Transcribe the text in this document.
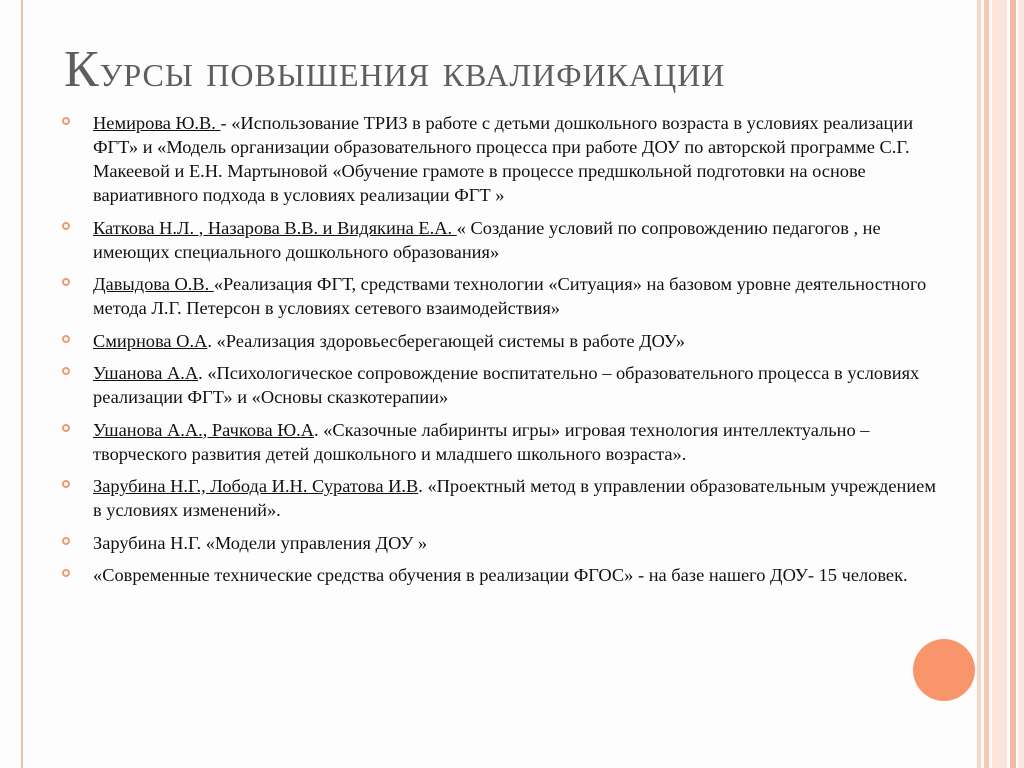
Курсы повышения квалификации
Немирова Ю.В. - «Использование ТРИЗ в работе с детьми дошкольного возраста в условиях реализации ФГТ» и «Модель организации образовательного процесса при работе ДОУ по авторской программе С.Г. Макеевой и Е.Н. Мартыновой «Обучение грамоте в процессе предшкольной подготовки на основе вариативного подхода в условиях реализации ФГТ »
Каткова Н.Л. , Назарова В.В. и Видякина Е.А. « Создание условий по сопровождению педагогов , не имеющих специального дошкольного образования»
Давыдова О.В. «Реализация ФГТ, средствами технологии «Ситуация» на базовом уровне деятельностного метода Л.Г. Петерсон в условиях сетевого взаимодействия»
Смирнова О.А. «Реализация здоровьесберегающей системы в работе ДОУ»
Ушанова А.А. «Психологическое сопровождение воспитательно – образовательного процесса в условиях реализации ФГТ» и «Основы сказкотерапии»
Ушанова А.А., Рачкова Ю.А. «Сказочные лабиринты игры» игровая технология интеллектуально – творческого развития детей дошкольного и младшего школьного возраста».
Зарубина Н.Г., Лобода И.Н. Суратова И.В. «Проектный метод в управлении образовательным учреждением в условиях изменений».
Зарубина Н.Г. «Модели управления ДОУ »
«Современные технические средства обучения в реализации ФГОС» - на базе нашего ДОУ- 15 человек.
